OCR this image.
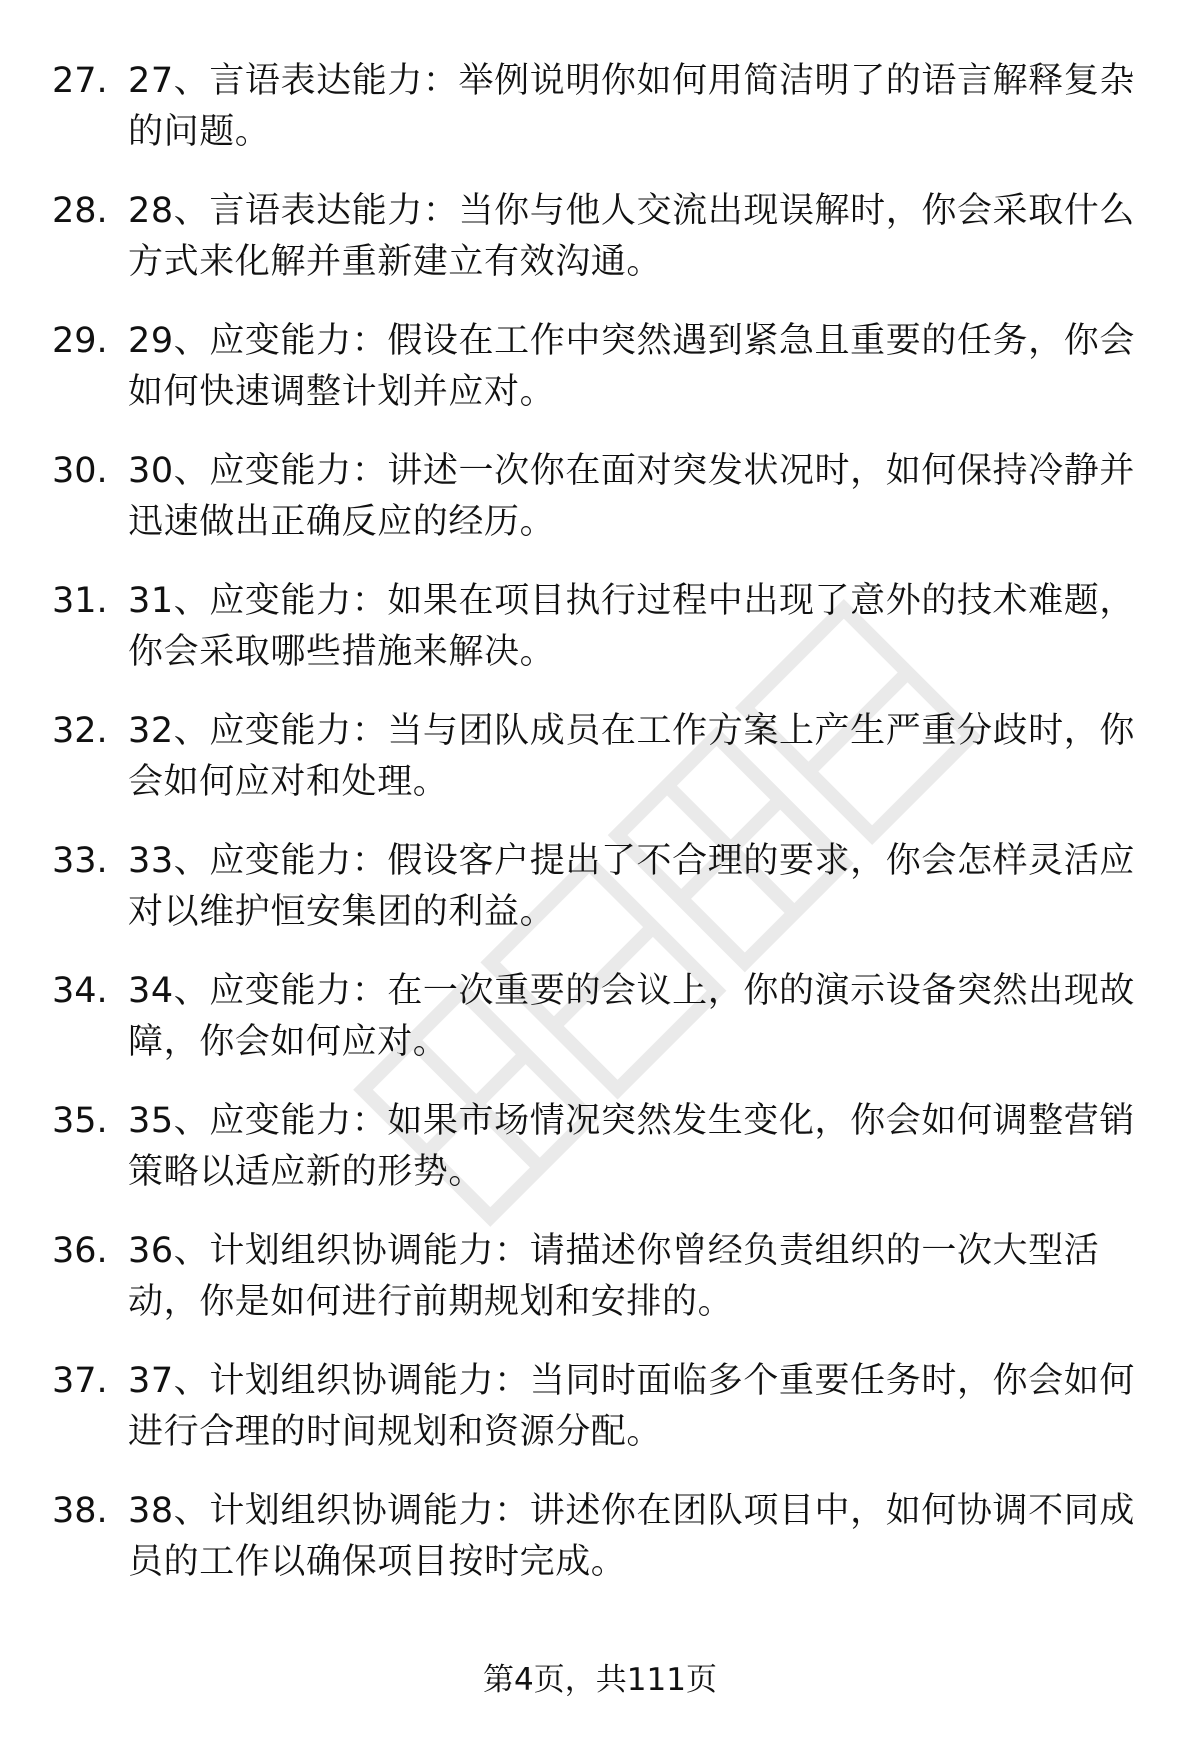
27. 27、言语表达能力：举例说明你如何用简洁明了的语言解释复杂的问题。
28. 28、言语表达能力：当你与他人交流出现误解时，你会采取什么方式来化解并重新建立有效沟通。
29. 29、应变能力：假设在工作中突然遇到紧急且重要的任务，你会如何快速调整计划并应对。
30. 30、应变能力：讲述一次你在面对突发状况时，如何保持冷静并迅速做出正确反应的经历。
31. 31、应变能力：如果在项目执行过程中出现了意外的技术难题，你会采取哪些措施来解决。
32. 32、应变能力：当与团队成员在工作方案上产生严重分歧时，你会如何应对和处理。
33. 33、应变能力：假设客户提出了不合理的要求，你会怎样灵活应对以维护恒安集团的利益。
34. 34、应变能力：在一次重要的会议上，你的演示设备突然出现故障，你会如何应对。
35. 35、应变能力：如果市场情况突然发生变化，你会如何调整营销策略以适应新的形势。
36. 36、计划组织协调能力：请描述你曾经负责组织的一次大型活动，你是如何进行前期规划和安排的。
37. 37、计划组织协调能力：当同时面临多个重要任务时，你会如何进行合理的时间规划和资源分配。
38. 38、计划组织协调能力：讲述你在团队项目中，如何协调不同成员的工作以确保项目按时完成。
第4页，共111页
